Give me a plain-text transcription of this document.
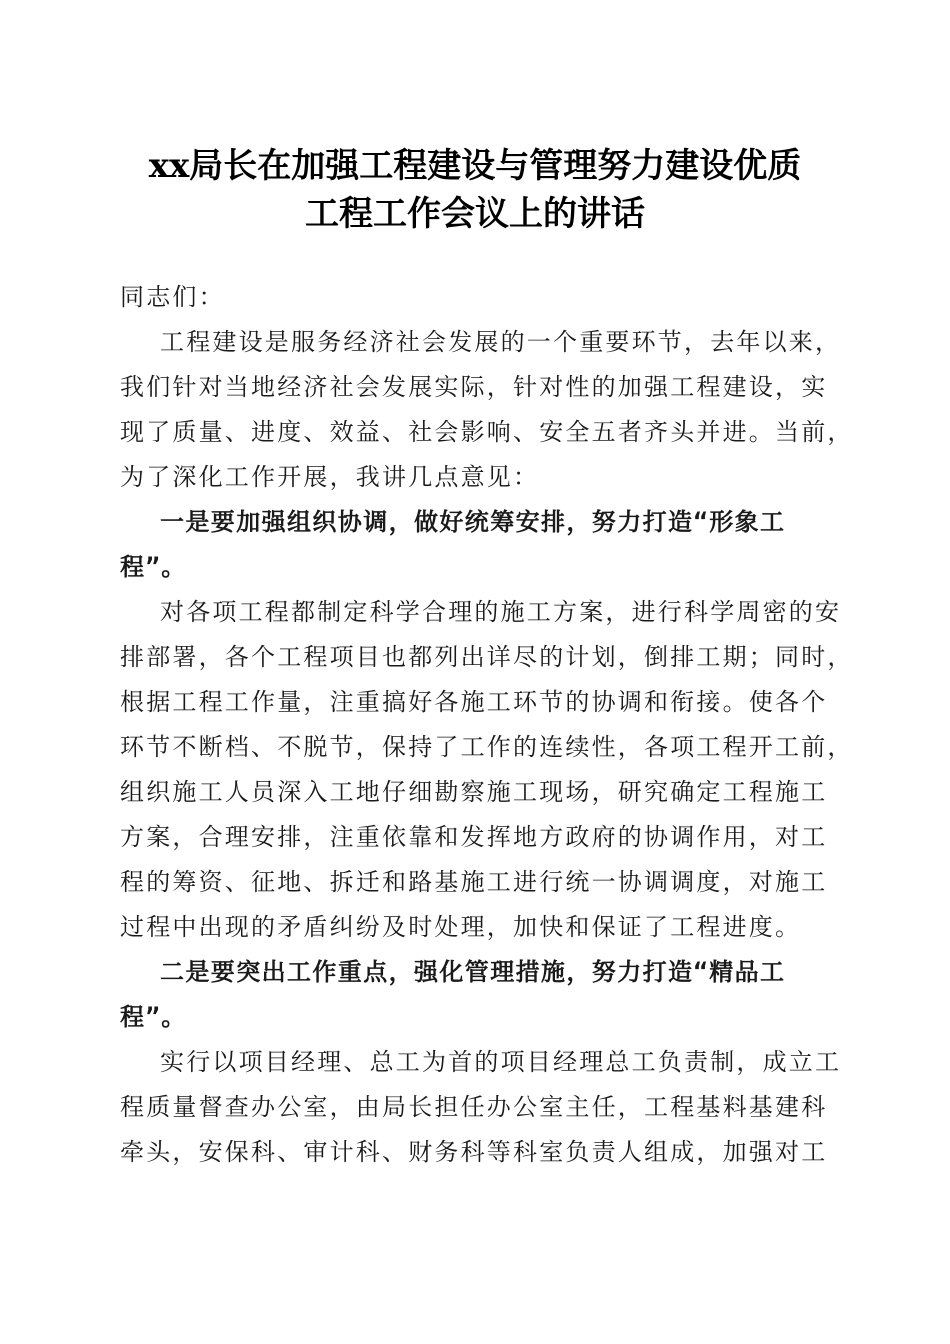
xx局长在加强工程建设与管理努力建设优质
工程工作会议上的讲话
同志们：
工程建设是服务经济社会发展的一个重要环节，去年以来，
我们针对当地经济社会发展实际，针对性的加强工程建设，实
现了质量、进度、效益、社会影响、安全五者齐头并进。当前，
为了深化工作开展，我讲几点意见：
一是要加强组织协调，做好统筹安排，努力打造“形象工
程”。
对各项工程都制定科学合理的施工方案，进行科学周密的安
排部署，各个工程项目也都列出详尽的计划，倒排工期；同时，
根据工程工作量，注重搞好各施工环节的协调和衔接。使各个
环节不断档、不脱节，保持了工作的连续性，各项工程开工前，
组织施工人员深入工地仔细勘察施工现场，研究确定工程施工
方案，合理安排，注重依靠和发挥地方政府的协调作用，对工
程的筹资、征地、拆迁和路基施工进行统一协调调度，对施工
过程中出现的矛盾纠纷及时处理，加快和保证了工程进度。
二是要突出工作重点，强化管理措施，努力打造“精品工
程”。
实行以项目经理、总工为首的项目经理总工负责制，成立工
程质量督查办公室，由局长担任办公室主任，工程基料基建科
牵头，安保科、审计科、财务科等科室负责人组成，加强对工
